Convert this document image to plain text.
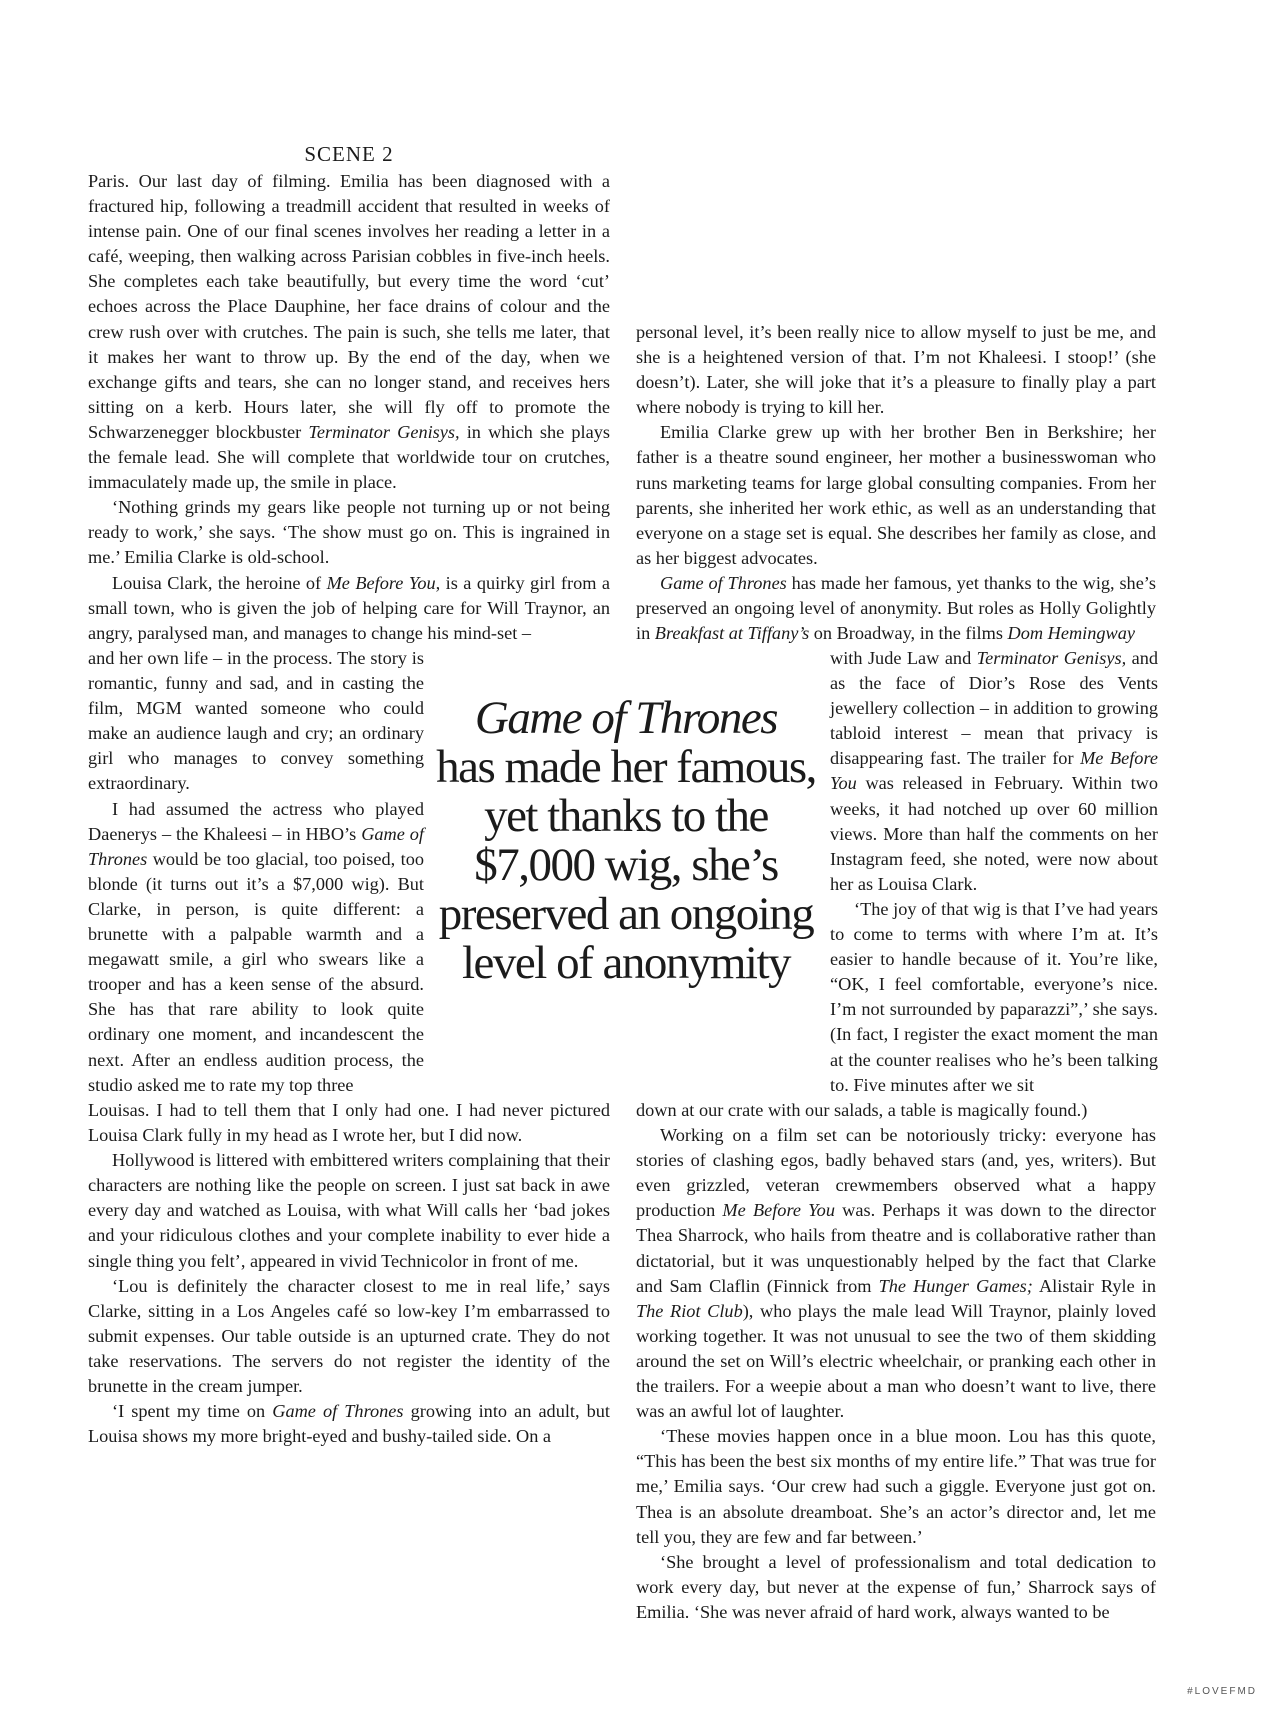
SCENE 2

Paris. Our last day of filming. Emilia has been diagnosed with a fractured hip, following a treadmill accident that resulted in weeks of intense pain. One of our final scenes involves her reading a letter in a café, weeping, then walking across Parisian cobbles in five-inch heels. She completes each take beautifully, but every time the word ‘cut’ echoes across the Place Dauphine, her face drains of colour and the crew rush over with crutches. The pain is such, she tells me later, that it makes her want to throw up. By the end of the day, when we exchange gifts and tears, she can no longer stand, and receives hers sitting on a kerb. Hours later, she will fly off to promote the Schwarzenegger blockbuster Terminator Genisys, in which she plays the female lead. She will complete that worldwide tour on crutches, immaculately made up, the smile in place.

‘Nothing grinds my gears like people not turning up or not being ready to work,’ she says. ‘The show must go on. This is ingrained in me.’ Emilia Clarke is old-school.

Louisa Clark, the heroine of Me Before You, is a quirky girl from a small town, who is given the job of helping care for Will Traynor, an angry, paralysed man, and manages to change his mind-set –

and her own life – in the process. The story is romantic, funny and sad, and in casting the film, MGM wanted someone who could make an audience laugh and cry; an ordinary girl who manages to convey something extraordinary.

I had assumed the actress who played Daenerys – the Khaleesi – in HBO’s Game of Thrones would be too glacial, too poised, too blonde (it turns out it’s a $7,000 wig). But Clarke, in person, is quite different: a brunette with a palpable warmth and a megawatt smile, a girl who swears like a trooper and has a keen sense of the absurd. She has that rare ability to look quite ordinary one moment, and incandescent the next. After an endless audition process, the studio asked me to rate my top three

Louisas. I had to tell them that I only had one. I had never pictured Louisa Clark fully in my head as I wrote her, but I did now.

Hollywood is littered with embittered writers complaining that their characters are nothing like the people on screen. I just sat back in awe every day and watched as Louisa, with what Will calls her ‘bad jokes and your ridiculous clothes and your complete inability to ever hide a single thing you felt’, appeared in vivid Technicolor in front of me.

‘Lou is definitely the character closest to me in real life,’ says Clarke, sitting in a Los Angeles café so low-key I’m embarrassed to submit expenses. Our table outside is an upturned crate. They do not take reservations. The servers do not register the identity of the brunette in the cream jumper.

‘I spent my time on Game of Thrones growing into an adult, but Louisa shows my more bright-eyed and bushy-tailed side. On a

personal level, it’s been really nice to allow myself to just be me, and she is a heightened version of that. I’m not Khaleesi. I stoop!’ (she doesn’t). Later, she will joke that it’s a pleasure to finally play a part where nobody is trying to kill her.

Emilia Clarke grew up with her brother Ben in Berkshire; her father is a theatre sound engineer, her mother a businesswoman who runs marketing teams for large global consulting companies. From her parents, she inherited her work ethic, as well as an understanding that everyone on a stage set is equal. She describes her family as close, and as her biggest advocates.

Game of Thrones has made her famous, yet thanks to the wig, she’s preserved an ongoing level of anonymity. But roles as Holly Golightly in Breakfast at Tiffany’s on Broadway, in the films Dom Hemingway

with Jude Law and Terminator Genisys, and as the face of Dior’s Rose des Vents jewellery collection – in addition to growing tabloid interest – mean that privacy is disappearing fast. The trailer for Me Before You was released in February. Within two weeks, it had notched up over 60 million views. More than half the comments on her Instagram feed, she noted, were now about her as Louisa Clark.

‘The joy of that wig is that I’ve had years to come to terms with where I’m at. It’s easier to handle because of it. You’re like, “OK, I feel comfortable, everyone’s nice. I’m not surrounded by paparazzi”,’ she says. (In fact, I register the exact moment the man at the counter realises who he’s been talking to. Five minutes after we sit

down at our crate with our salads, a table is magically found.)

Working on a film set can be notoriously tricky: everyone has stories of clashing egos, badly behaved stars (and, yes, writers). But even grizzled, veteran crewmembers observed what a happy production Me Before You was. Perhaps it was down to the director Thea Sharrock, who hails from theatre and is collaborative rather than dictatorial, but it was unquestionably helped by the fact that Clarke and Sam Claflin (Finnick from The Hunger Games; Alistair Ryle in The Riot Club), who plays the male lead Will Traynor, plainly loved working together. It was not unusual to see the two of them skidding around the set on Will’s electric wheelchair, or pranking each other in the trailers. For a weepie about a man who doesn’t want to live, there was an awful lot of laughter.

‘These movies happen once in a blue moon. Lou has this quote, “This has been the best six months of my entire life.” That was true for me,’ Emilia says. ‘Our crew had such a giggle. Everyone just got on. Thea is an absolute dreamboat. She’s an actor’s director and, let me tell you, they are few and far between.’

‘She brought a level of professionalism and total dedication to work every day, but never at the expense of fun,’ Sharrock says of Emilia. ‘She was never afraid of hard work, always wanted to be

Game of Thrones
has made her famous, yet thanks to the $7,000 wig, she’s preserved an ongoing level of anonymity
#LOVEFMD
